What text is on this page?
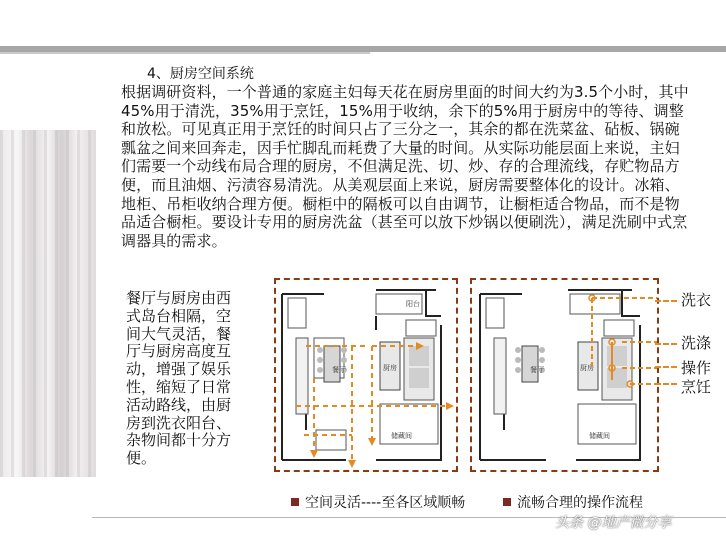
4、厨房空间系统
根据调研资料，一个普通的家庭主妇每天花在厨房里面的时间大约为3.5个小时，其中45%用于清洗，35%用于烹饪，15%用于收纳，余下的5%用于厨房中的等待、调整和放松。可见真正用于烹饪的时间只占了三分之一，其余的都在洗菜盆、砧板、锅碗瓢盆之间来回奔走，因手忙脚乱而耗费了大量的时间。从实际功能层面上来说，主妇们需要一个动线布局合理的厨房，不但满足洗、切、炒、存的合理流线，存贮物品方便，而且油烟、污渍容易清洗。从美观层面上来说，厨房需要整体化的设计。冰箱、地柜、吊柜收纳合理方便。橱柜中的隔板可以自由调节，让橱柜适合物品，而不是物品适合橱柜。要设计专用的厨房洗盆（甚至可以放下炒锅以便刷洗），满足洗刷中式烹调器具的需求。
餐厅与厨房由西式岛台相隔，空间大气灵活，餐厅与厨房高度互动，增强了娱乐性，缩短了日常活动路线，由厨房到洗衣阳台、杂物间都十分方便。
阳台
餐厅	厨房
储藏间
餐厅	厨房
储藏间
洗衣
洗涤
操作
烹饪
空间灵活----至各区域顺畅	流畅合理的操作流程
头条 @地产微分享
